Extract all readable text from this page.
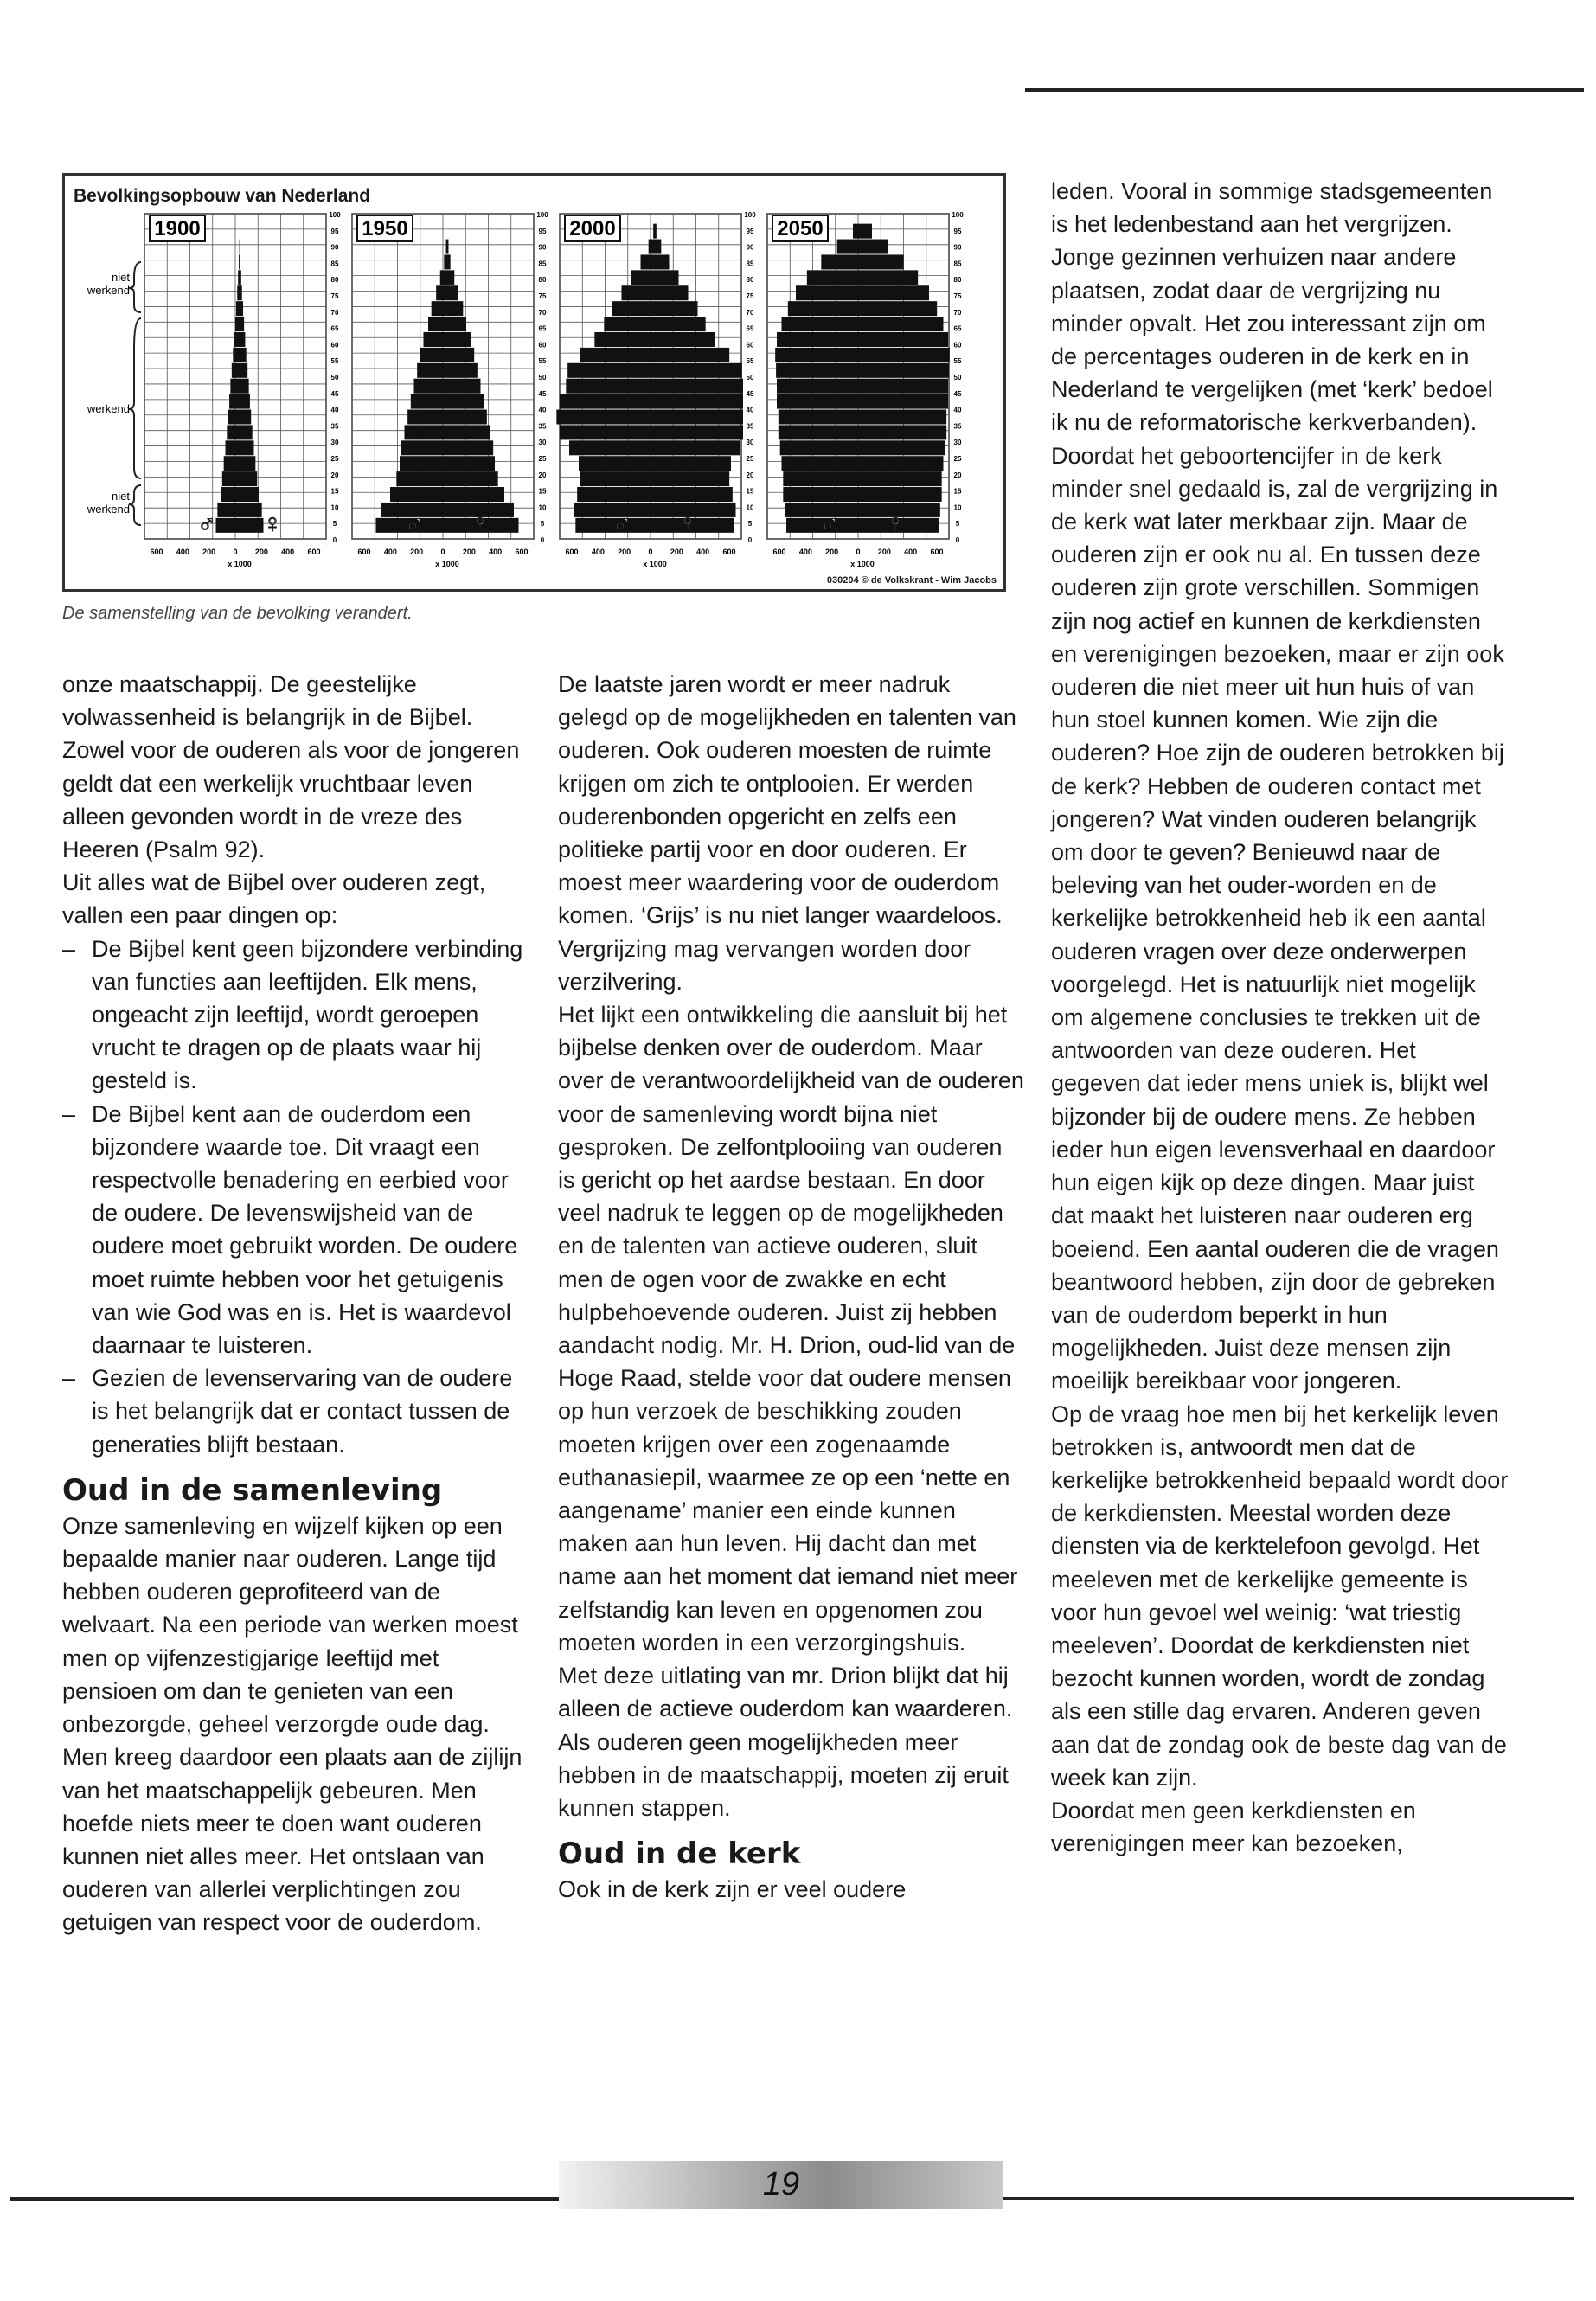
Bevolkingsopbouw van Nederland
niet
werkend
werkend
niet
werkend
1900
♂ ♀
100
95
90
85
80
75
70
65
60
55
50
45
40
35
30
25
20
15
10
5
0
600 400 200 0 200 400 600
x 1000
1950
♂ ♀
100
95
90
85
80
75
70
65
60
55
50
45
40
35
30
25
20
15
10
5
0
600 400 200 0 200 400 600
x 1000
2000
♂ ♀
100
95
90
85
80
75
70
65
60
55
50
45
40
35
30
25
20
15
10
5
0
600 400 200 0 200 400 600
x 1000
2050
♂ ♀
100
95
90
85
80
75
70
65
60
55
50
45
40
35
30
25
20
15
10
5
0
600 400 200 0 200 400 600
x 1000
030204 © de Volkskrant - Wim Jacobs
De samenstelling van de bevolking verandert.

onze maatschappij. De geestelijke volwassenheid is belangrijk in de Bijbel. Zowel voor de ouderen als voor de jongeren geldt dat een werkelijk vruchtbaar leven alleen gevonden wordt in de vreze des Heeren (Psalm 92).

Uit alles wat de Bijbel over ouderen zegt, vallen een paar dingen op:

– De Bijbel kent geen bijzondere verbinding van functies aan leeftijden. Elk mens, ongeacht zijn leeftijd, wordt geroepen vrucht te dragen op de plaats waar hij gesteld is.
– De Bijbel kent aan de ouderdom een bijzondere waarde toe. Dit vraagt een respectvolle benadering en eerbied voor de oudere. De levenswijsheid van de oudere moet gebruikt worden. De oudere moet ruimte hebben voor het getuigenis van wie God was en is. Het is waardevol daarnaar te luisteren.
– Gezien de levenservaring van de oudere is het belangrijk dat er contact tussen de generaties blijft bestaan.
Oud in de samenleving

Onze samenleving en wijzelf kijken op een bepaalde manier naar ouderen. Lange tijd hebben ouderen geprofiteerd van de welvaart. Na een periode van werken moest men op vijfenzestigjarige leeftijd met pensioen om dan te genieten van een onbezorgde, geheel verzorgde oude dag. Men kreeg daardoor een plaats aan de zijlijn van het maatschappelijk gebeuren. Men hoefde niets meer te doen want ouderen kunnen niet alles meer. Het ontslaan van ouderen van allerlei verplichtingen zou getuigen van respect voor de ouderdom.

De laatste jaren wordt er meer nadruk gelegd op de mogelijkheden en talenten van ouderen. Ook ouderen moesten de ruimte krijgen om zich te ontplooien. Er werden ouderenbonden opgericht en zelfs een politieke partij voor en door ouderen. Er moest meer waardering voor de ouderdom komen. ‘Grijs’ is nu niet langer waardeloos. Vergrijzing mag vervangen worden door verzilvering.

Het lijkt een ontwikkeling die aansluit bij het bijbelse denken over de ouderdom. Maar over de verantwoordelijkheid van de ouderen voor de samenleving wordt bijna niet gesproken. De zelfontplooiing van ouderen is gericht op het aardse bestaan. En door veel nadruk te leggen op de mogelijkheden en de talenten van actieve ouderen, sluit men de ogen voor de zwakke en echt hulpbehoevende ouderen. Juist zij hebben aandacht nodig. Mr. H. Drion, oud-lid van de Hoge Raad, stelde voor dat oudere mensen op hun verzoek de beschikking zouden moeten krijgen over een zogenaamde euthanasiepil, waarmee ze op een ‘nette en aangename’ manier een einde kunnen maken aan hun leven. Hij dacht dan met name aan het moment dat iemand niet meer zelfstandig kan leven en opgenomen zou moeten worden in een verzorgingshuis.

Met deze uitlating van mr. Drion blijkt dat hij alleen de actieve ouderdom kan waarderen. Als ouderen geen mogelijkheden meer hebben in de maatschappij, moeten zij eruit kunnen stappen.

Oud in de kerk

Ook in de kerk zijn er veel oudere

leden. Vooral in sommige stadsgemeenten is het ledenbestand aan het vergrijzen. Jonge gezinnen verhuizen naar andere plaatsen, zodat daar de vergrijzing nu minder opvalt. Het zou interessant zijn om de percentages ouderen in de kerk en in Nederland te vergelijken (met ‘kerk’ bedoel ik nu de reformatorische kerkverbanden). Doordat het geboortencijfer in de kerk minder snel gedaald is, zal de vergrijzing in de kerk wat later merkbaar zijn. Maar de ouderen zijn er ook nu al. En tussen deze ouderen zijn grote verschillen. Sommigen zijn nog actief en kunnen de kerkdiensten en verenigingen bezoeken, maar er zijn ook ouderen die niet meer uit hun huis of van hun stoel kunnen komen. Wie zijn die ouderen? Hoe zijn de ouderen betrokken bij de kerk? Hebben de ouderen contact met jongeren? Wat vinden ouderen belangrijk om door te geven? Benieuwd naar de beleving van het ouder-worden en de kerkelijke betrokkenheid heb ik een aantal ouderen vragen over deze onderwerpen voorgelegd. Het is natuurlijk niet mogelijk om algemene conclusies te trekken uit de antwoorden van deze ouderen. Het gegeven dat ieder mens uniek is, blijkt wel bijzonder bij de oudere mens. Ze hebben ieder hun eigen levensverhaal en daardoor hun eigen kijk op deze dingen. Maar juist dat maakt het luisteren naar ouderen erg boeiend. Een aantal ouderen die de vragen beantwoord hebben, zijn door de gebreken van de ouderdom beperkt in hun mogelijkheden. Juist deze mensen zijn moeilijk bereikbaar voor jongeren.

Op de vraag hoe men bij het kerkelijk leven betrokken is, antwoordt men dat de kerkelijke betrokkenheid bepaald wordt door de kerkdiensten. Meestal worden deze diensten via de kerktelefoon gevolgd. Het meeleven met de kerkelijke gemeente is voor hun gevoel wel weinig: ‘wat triestig meeleven’. Doordat de kerkdiensten niet bezocht kunnen worden, wordt de zondag als een stille dag ervaren. Anderen geven aan dat de zondag ook de beste dag van de week kan zijn.

Doordat men geen kerkdiensten en verenigingen meer kan bezoeken,

19
